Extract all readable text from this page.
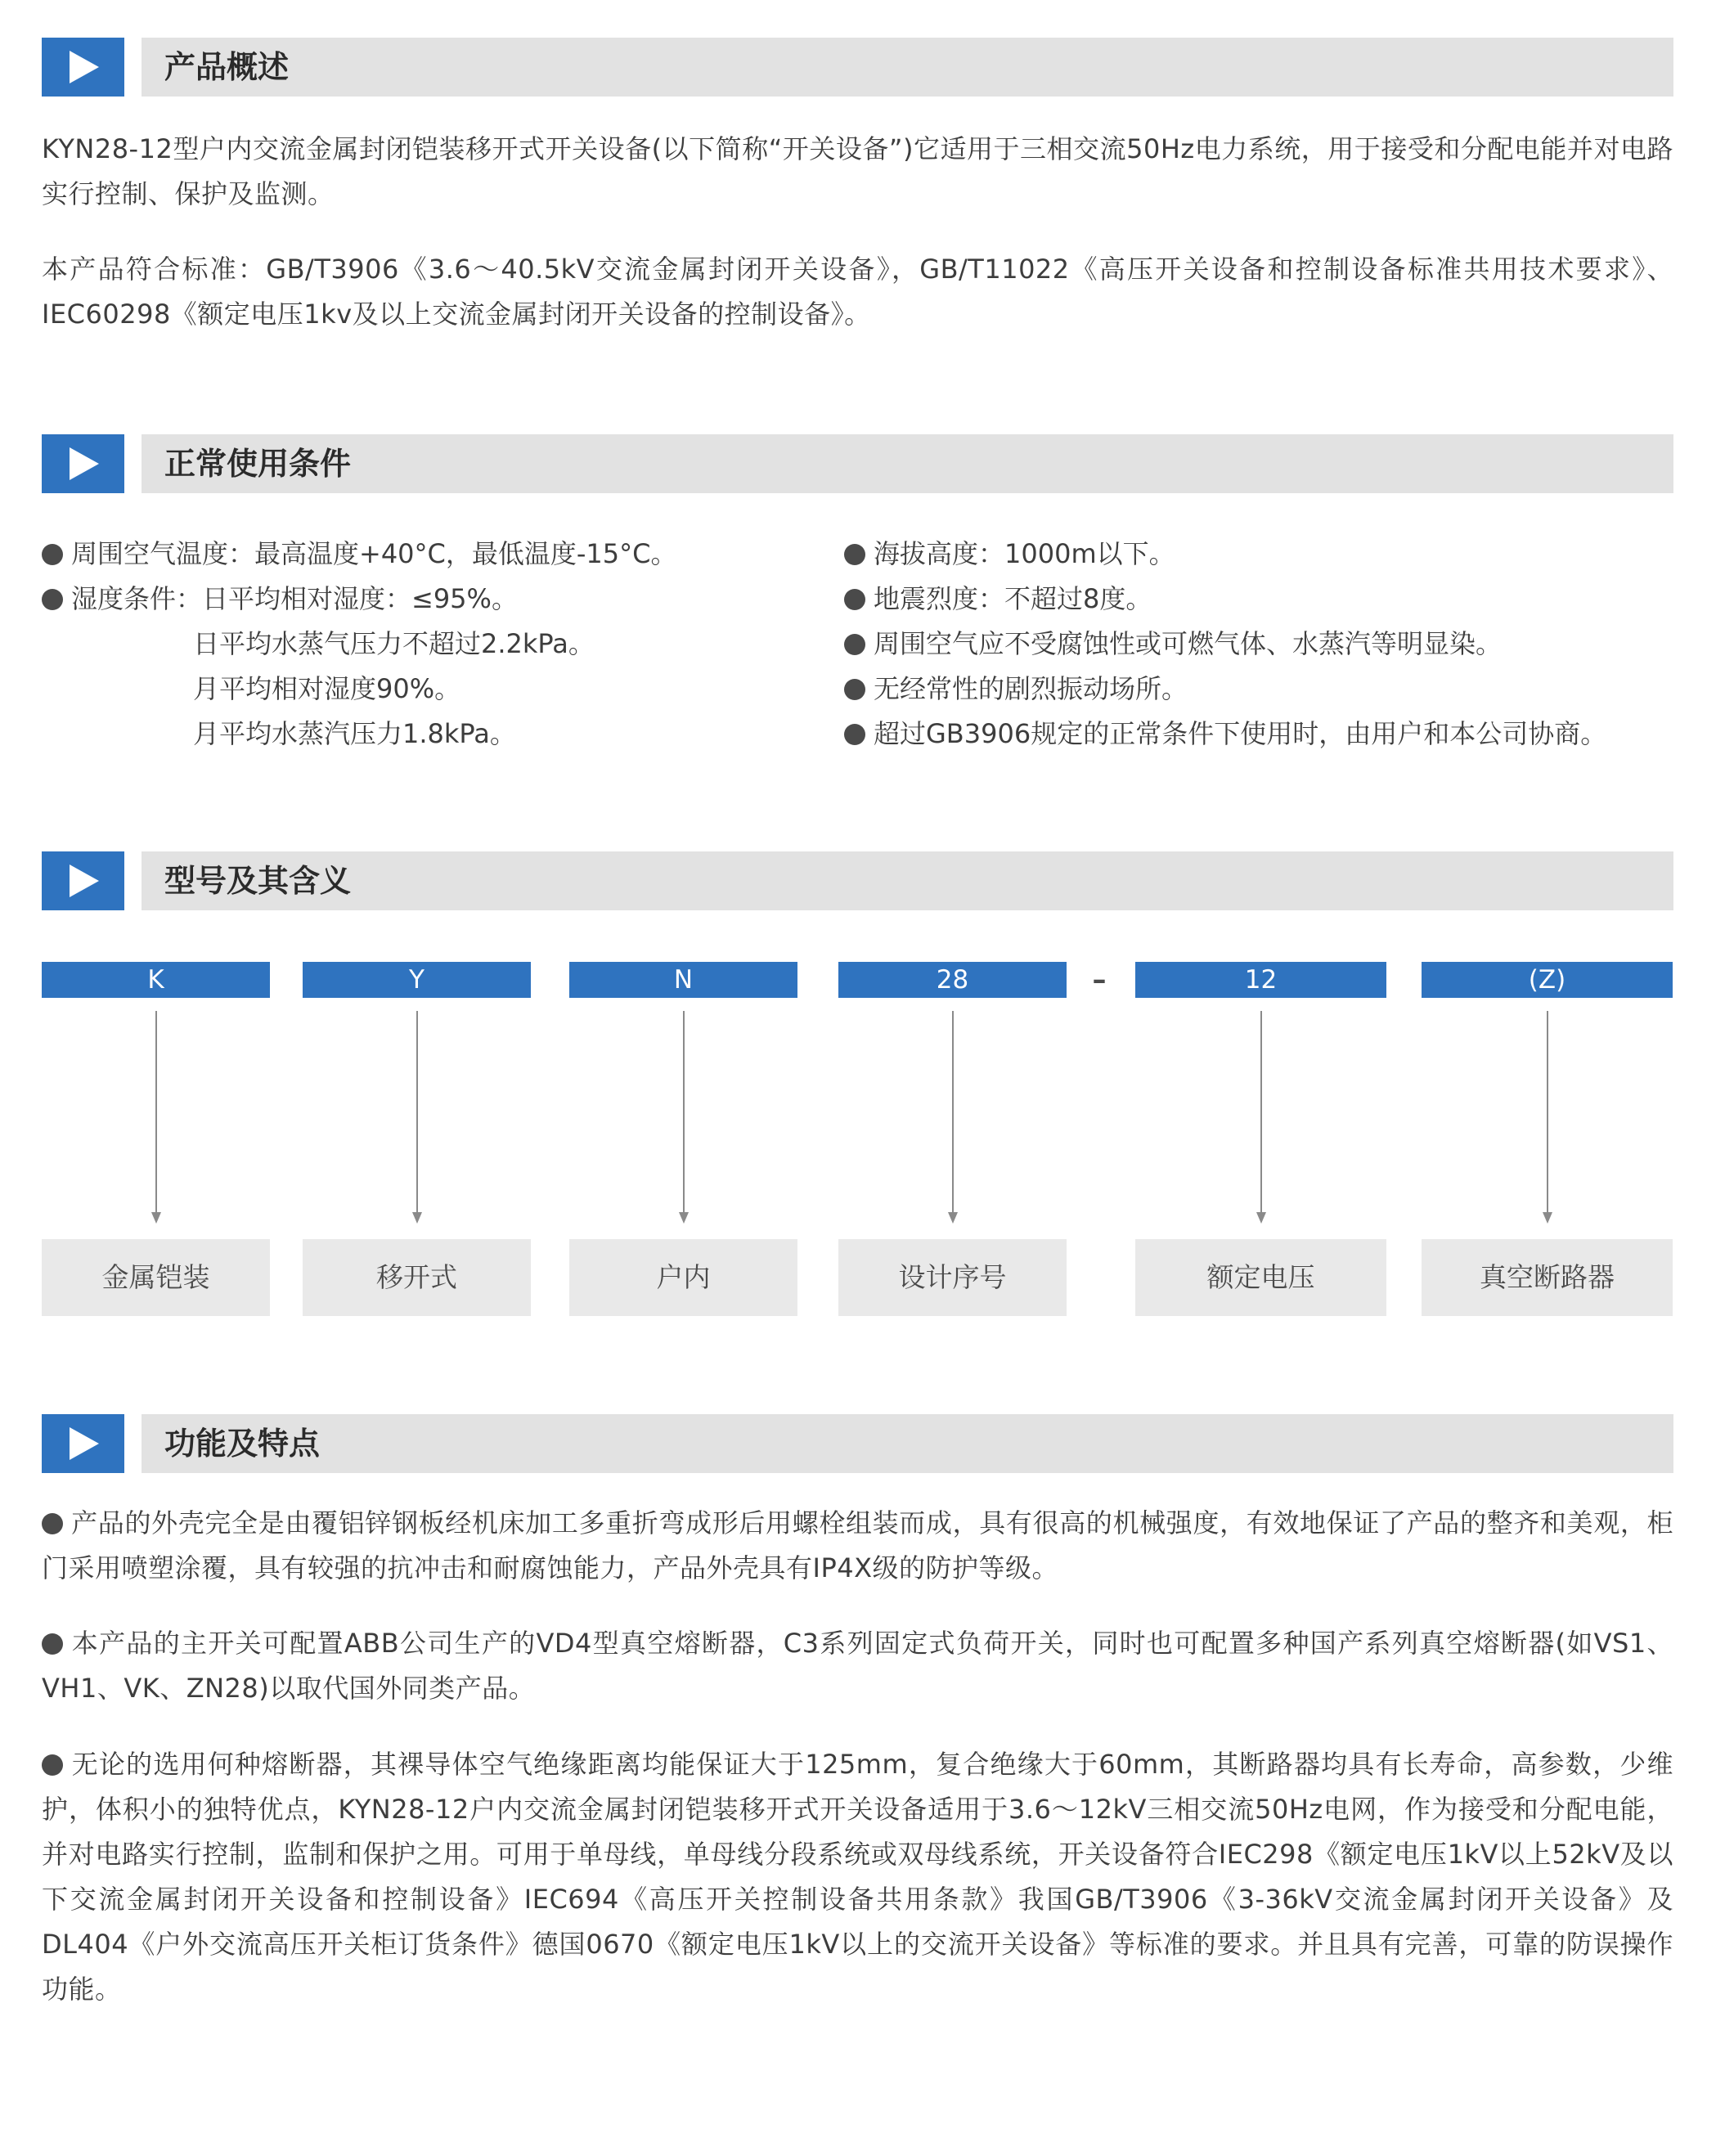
产品概述
KYN28-12型户内交流金属封闭铠装移开式开关设备(以下简称“开关设备”)它适用于三相交流50Hz电力系统，用于接受和分配电能并对电路实行控制、保护及监测。
本产品符合标准：GB/T3906《3.6～40.5kV交流金属封闭开关设备》，GB/T11022《高压开关设备和控制设备标准共用技术要求》、IEC60298《额定电压1kv及以上交流金属封闭开关设备的控制设备》。
正常使用条件
周围空气温度：最高温度+40°C，最低温度-15°C。
湿度条件：日平均相对湿度：≤95%。
日平均水蒸气压力不超过2.2kPa。
月平均相对湿度90%。
月平均水蒸汽压力1.8kPa。
海拔高度：1000m以下。
地震烈度：不超过8度。
周围空气应不受腐蚀性或可燃气体、水蒸汽等明显染。
无经常性的剧烈振动场所。
超过GB3906规定的正常条件下使用时，由用户和本公司协商。
型号及其含义
K	Y	N	28	–	12	(Z)
金属铠装	移开式	户内	设计序号	额定电压	真空断路器
功能及特点
产品的外壳完全是由覆铝锌钢板经机床加工多重折弯成形后用螺栓组装而成，具有很高的机械强度，有效地保证了产品的整齐和美观，柜门采用喷塑涂覆，具有较强的抗冲击和耐腐蚀能力，产品外壳具有IP4X级的防护等级。
本产品的主开关可配置ABB公司生产的VD4型真空熔断器，C3系列固定式负荷开关，同时也可配置多种国产系列真空熔断器(如VS1、VH1、VK、ZN28)以取代国外同类产品。
无论的选用何种熔断器，其裸导体空气绝缘距离均能保证大于125mm，复合绝缘大于60mm，其断路器均具有长寿命，高参数，少维护，体积小的独特优点，KYN28-12户内交流金属封闭铠装移开式开关设备适用于3.6～12kV三相交流50Hz电网，作为接受和分配电能，并对电路实行控制，监制和保护之用。可用于单母线，单母线分段系统或双母线系统，开关设备符合IEC298《额定电压1kV以上52kV及以下交流金属封闭开关设备和控制设备》IEC694《高压开关控制设备共用条款》我国GB/T3906《3-36kV交流金属封闭开关设备》及DL404《户外交流高压开关柜订货条件》德国0670《额定电压1kV以上的交流开关设备》等标准的要求。并且具有完善，可靠的防误操作功能。
